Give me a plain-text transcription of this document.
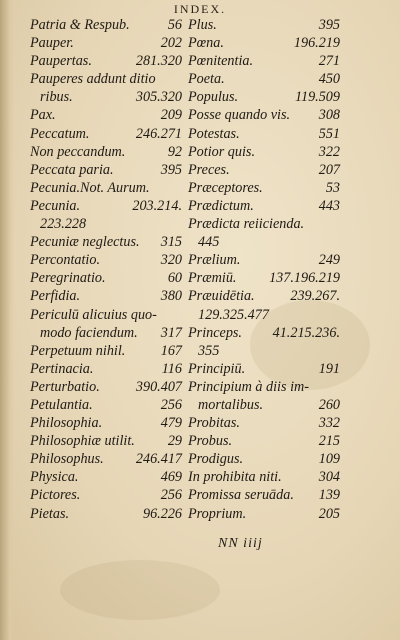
INDEX.
Patria & Respub.	56
Pauper.	202
Paupertas.	281.320
Pauperes addunt ditio
ribus.	305.320
Pax.	209
Peccatum.	246.271
Non peccandum.	92
Peccata paria.	395
Pecunia.Not. Aurum.
Pecunia.	203.214.
223.228
Pecuniæ neglectus. 315
Percontatio.	320
Peregrinatio.	60
Perfidia.	380
Periculū alicuius quo-
modo faciendum. 317
Perpetuum nihil. 167
Pertinacia.	116
Perturbatio.	390.407
Petulantia.	256
Philosophia.	479
Philosophiæ utilit. 29
Philosophus. 246.417
Physica.	469
Pictores.	256
Pietas.	96.226
Plus.	395
Pœna.	196.219
Pœnitentia.	271
Poeta.	450
Populus.	119.509
Posse quando vis. 308
Potestas.	551
Potior quis.	322
Preces.	207
Præceptores.	53
Prædictum.	443
Prædicta reiicienda.
445
Prælium.	249
Præmiū. 137.196.219
Præuidētia.	239.267.
129.325.477
Princeps. 41.215.236.
355
Principiū.	191
Principium à diis im-
mortalibus.	260
Probitas.	332
Probus.	215
Prodigus.	109
In prohibita niti.	304
Promissa seruāda. 139
Proprium.	205
NN iiij
